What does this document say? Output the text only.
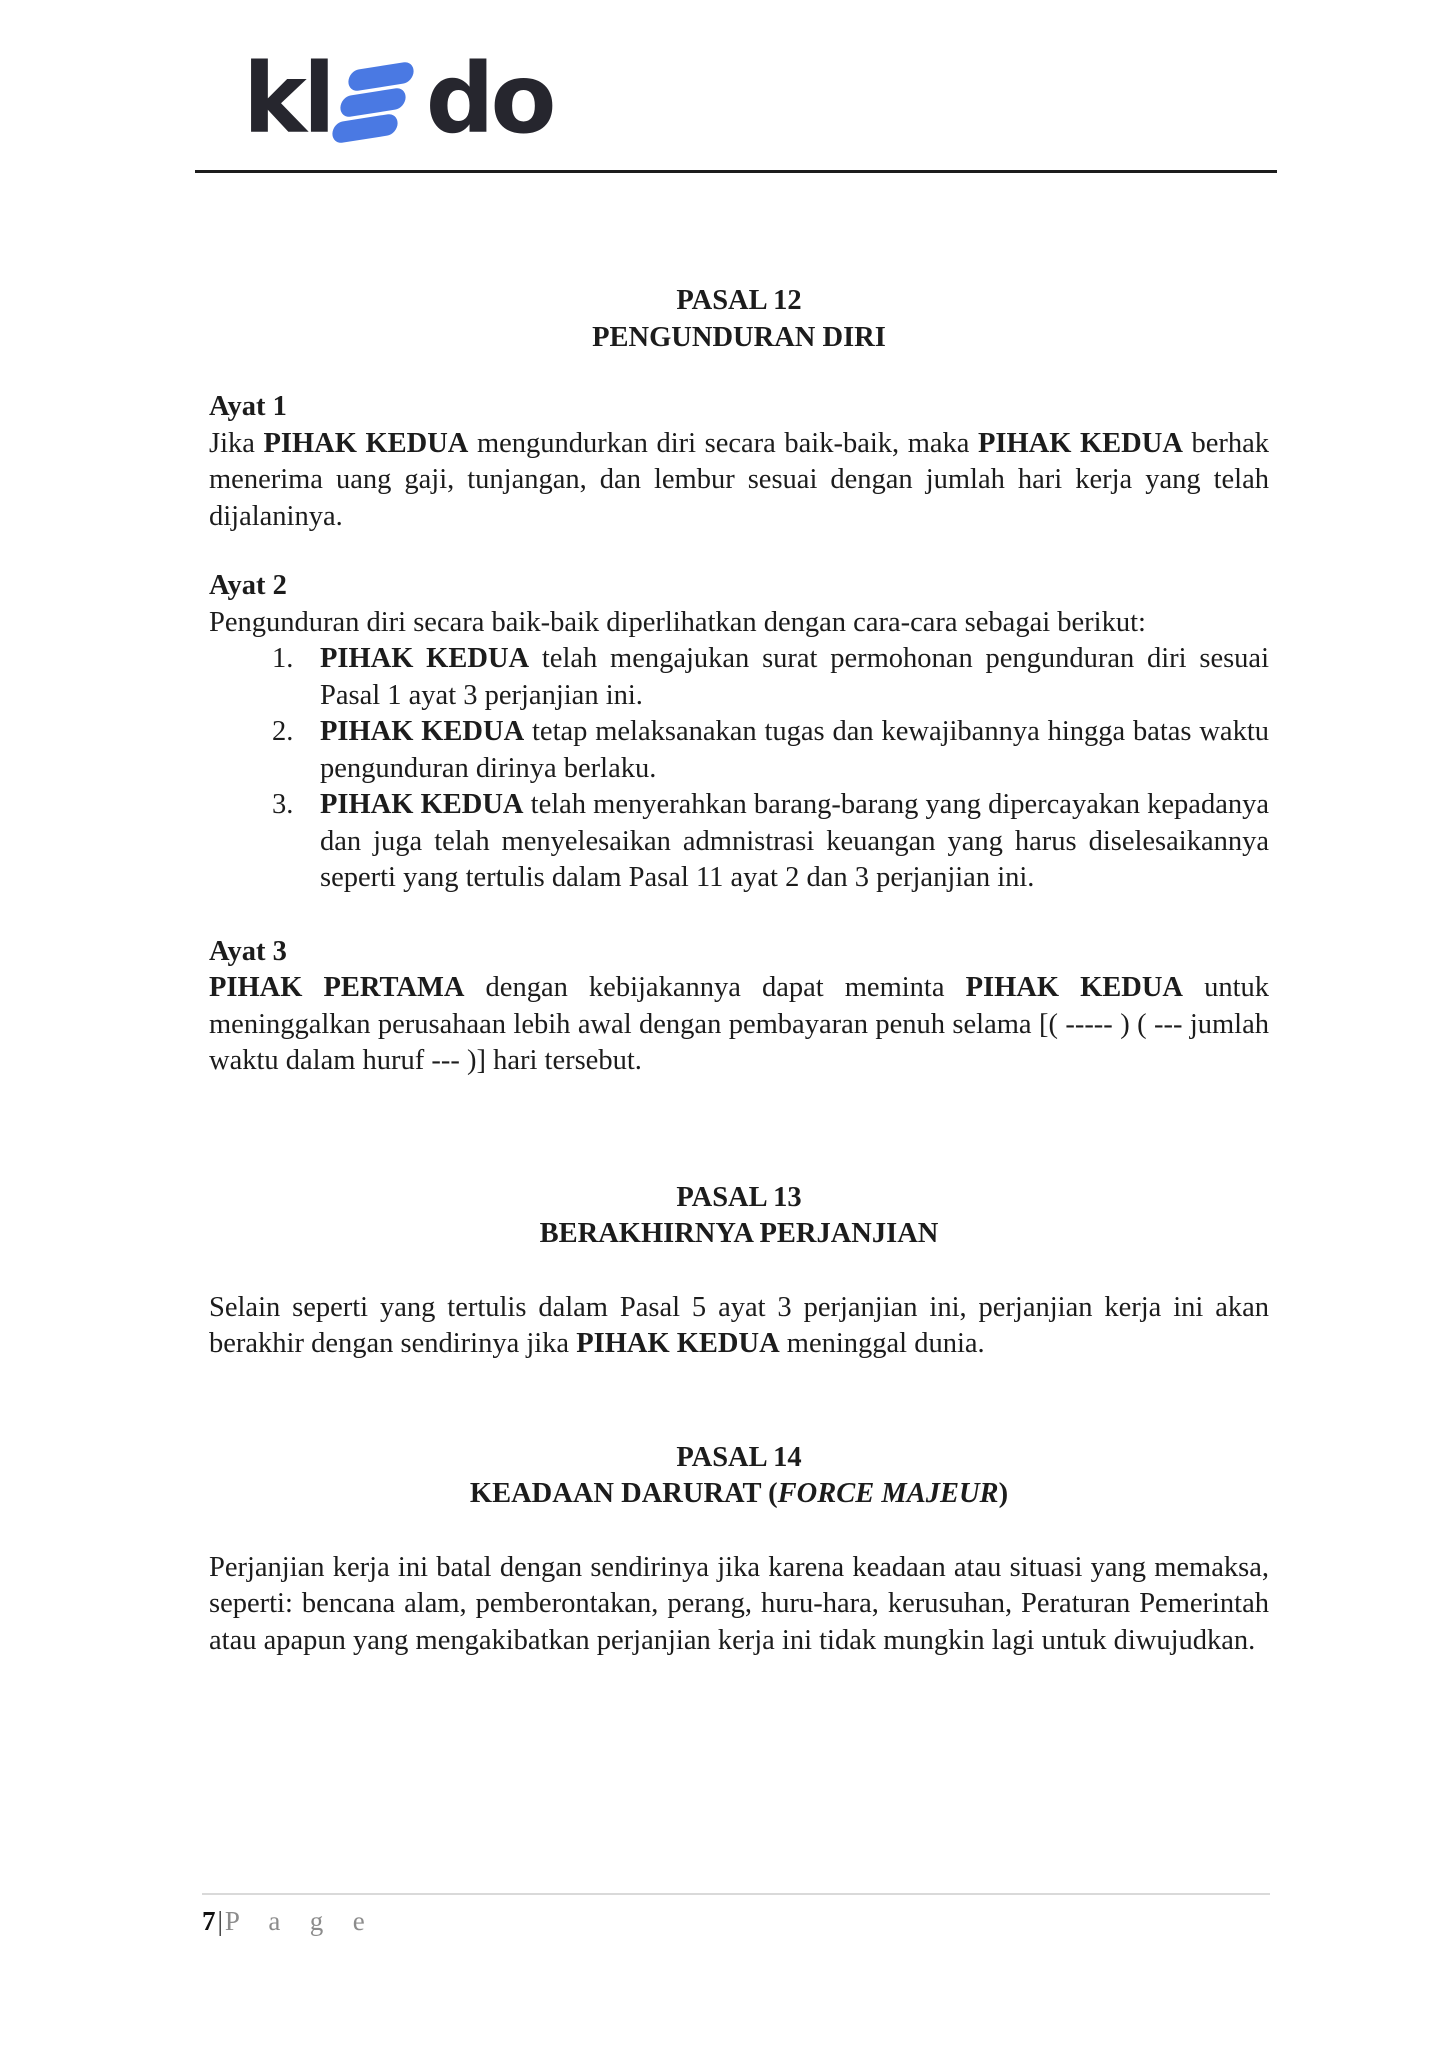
kl do
PASAL 12
PENGUNDURAN DIRI
Ayat 1

Jika PIHAK KEDUA mengundurkan diri secara baik-baik, maka PIHAK KEDUA berhak menerima uang gaji, tunjangan, dan lembur sesuai dengan jumlah hari kerja yang telah dijalaninya.

Ayat 2

Pengunduran diri secara baik-baik diperlihatkan dengan cara-cara sebagai berikut:

1. PIHAK KEDUA telah mengajukan surat permohonan pengunduran diri sesuai Pasal 1 ayat 3 perjanjian ini.
2. PIHAK KEDUA tetap melaksanakan tugas dan kewajibannya hingga batas waktu pengunduran dirinya berlaku.
3. PIHAK KEDUA telah menyerahkan barang-barang yang dipercayakan kepadanya dan juga telah menyelesaikan admnistrasi keuangan yang harus diselesaikannya seperti yang tertulis dalam Pasal 11 ayat 2 dan 3 perjanjian ini.
Ayat 3

PIHAK PERTAMA dengan kebijakannya dapat meminta PIHAK KEDUA untuk meninggalkan perusahaan lebih awal dengan pembayaran penuh selama [( ----- ) ( --- jumlah waktu dalam huruf --- )] hari tersebut.

PASAL 13
BERAKHIRNYA PERJANJIAN

Selain seperti yang tertulis dalam Pasal 5 ayat 3 perjanjian ini, perjanjian kerja ini akan berakhir dengan sendirinya jika PIHAK KEDUA meninggal dunia.

PASAL 14
KEADAAN DARURAT (FORCE MAJEUR)

Perjanjian kerja ini batal dengan sendirinya jika karena keadaan atau situasi yang memaksa, seperti: bencana alam, pemberontakan, perang, huru-hara, kerusuhan, Peraturan Pemerintah atau apapun yang mengakibatkan perjanjian kerja ini tidak mungkin lagi untuk diwujudkan.

7|P a g e
